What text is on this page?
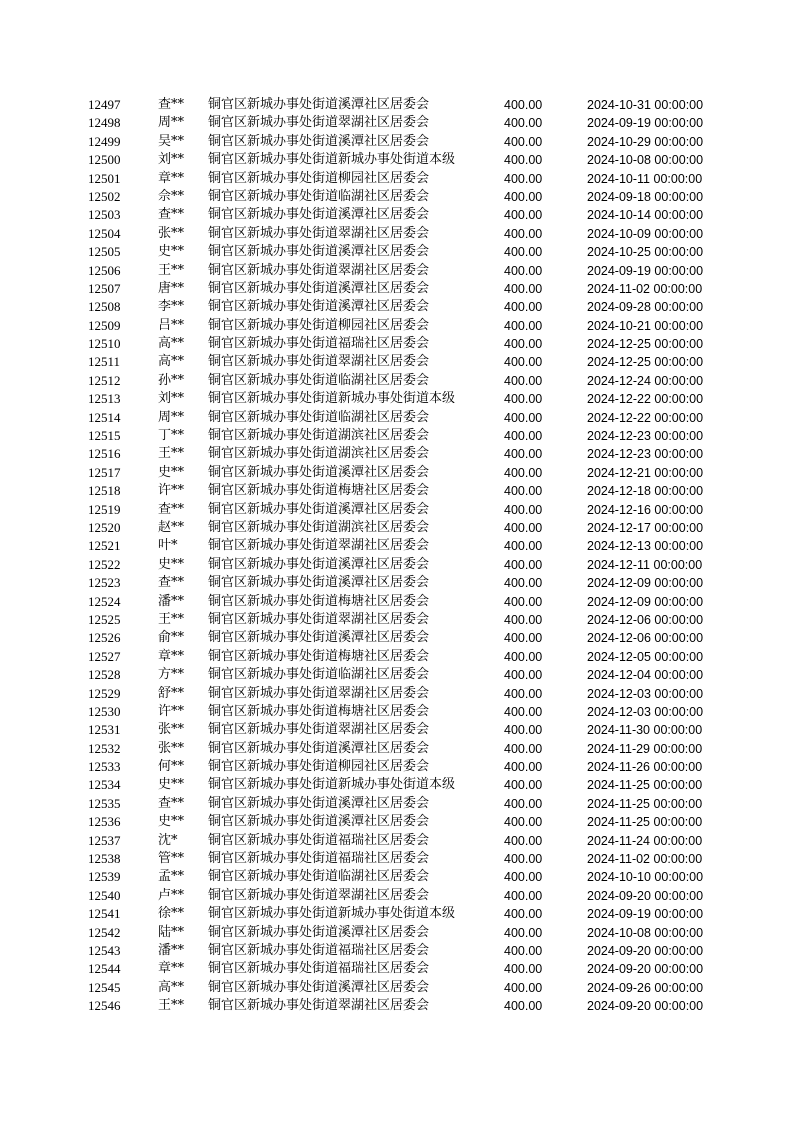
12497	查** 铜官区新城办事处街道溪潭社区居委会	400.00	2024-10-31 00:00:00
12498	周** 铜官区新城办事处街道翠湖社区居委会	400.00	2024-09-19 00:00:00
12499	吴** 铜官区新城办事处街道溪潭社区居委会	400.00	2024-10-29 00:00:00
12500	刘** 铜官区新城办事处街道新城办事处街道本级	400.00	2024-10-08 00:00:00
12501	章** 铜官区新城办事处街道柳园社区居委会	400.00	2024-10-11 00:00:00
12502	佘** 铜官区新城办事处街道临湖社区居委会	400.00	2024-09-18 00:00:00
12503	查** 铜官区新城办事处街道溪潭社区居委会	400.00	2024-10-14 00:00:00
12504	张** 铜官区新城办事处街道翠湖社区居委会	400.00	2024-10-09 00:00:00
12505	史** 铜官区新城办事处街道溪潭社区居委会	400.00	2024-10-25 00:00:00
12506	王** 铜官区新城办事处街道翠湖社区居委会	400.00	2024-09-19 00:00:00
12507	唐** 铜官区新城办事处街道溪潭社区居委会	400.00	2024-11-02 00:00:00
12508	李** 铜官区新城办事处街道溪潭社区居委会	400.00	2024-09-28 00:00:00
12509	吕** 铜官区新城办事处街道柳园社区居委会	400.00	2024-10-21 00:00:00
12510	高** 铜官区新城办事处街道福瑞社区居委会	400.00	2024-12-25 00:00:00
12511	高** 铜官区新城办事处街道翠湖社区居委会	400.00	2024-12-25 00:00:00
12512	孙** 铜官区新城办事处街道临湖社区居委会	400.00	2024-12-24 00:00:00
12513	刘** 铜官区新城办事处街道新城办事处街道本级	400.00	2024-12-22 00:00:00
12514	周** 铜官区新城办事处街道临湖社区居委会	400.00	2024-12-22 00:00:00
12515	丁** 铜官区新城办事处街道湖滨社区居委会	400.00	2024-12-23 00:00:00
12516	王** 铜官区新城办事处街道湖滨社区居委会	400.00	2024-12-23 00:00:00
12517	史** 铜官区新城办事处街道溪潭社区居委会	400.00	2024-12-21 00:00:00
12518	许** 铜官区新城办事处街道梅塘社区居委会	400.00	2024-12-18 00:00:00
12519	查** 铜官区新城办事处街道溪潭社区居委会	400.00	2024-12-16 00:00:00
12520	赵** 铜官区新城办事处街道湖滨社区居委会	400.00	2024-12-17 00:00:00
12521	叶* 铜官区新城办事处街道翠湖社区居委会	400.00	2024-12-13 00:00:00
12522	史** 铜官区新城办事处街道溪潭社区居委会	400.00	2024-12-11 00:00:00
12523	查** 铜官区新城办事处街道溪潭社区居委会	400.00	2024-12-09 00:00:00
12524	潘** 铜官区新城办事处街道梅塘社区居委会	400.00	2024-12-09 00:00:00
12525	王** 铜官区新城办事处街道翠湖社区居委会	400.00	2024-12-06 00:00:00
12526	俞** 铜官区新城办事处街道溪潭社区居委会	400.00	2024-12-06 00:00:00
12527	章** 铜官区新城办事处街道梅塘社区居委会	400.00	2024-12-05 00:00:00
12528	方** 铜官区新城办事处街道临湖社区居委会	400.00	2024-12-04 00:00:00
12529	舒** 铜官区新城办事处街道翠湖社区居委会	400.00	2024-12-03 00:00:00
12530	许** 铜官区新城办事处街道梅塘社区居委会	400.00	2024-12-03 00:00:00
12531	张** 铜官区新城办事处街道翠湖社区居委会	400.00	2024-11-30 00:00:00
12532	张** 铜官区新城办事处街道溪潭社区居委会	400.00	2024-11-29 00:00:00
12533	何** 铜官区新城办事处街道柳园社区居委会	400.00	2024-11-26 00:00:00
12534	史** 铜官区新城办事处街道新城办事处街道本级	400.00	2024-11-25 00:00:00
12535	查** 铜官区新城办事处街道溪潭社区居委会	400.00	2024-11-25 00:00:00
12536	史** 铜官区新城办事处街道溪潭社区居委会	400.00	2024-11-25 00:00:00
12537	沈* 铜官区新城办事处街道福瑞社区居委会	400.00	2024-11-24 00:00:00
12538	管** 铜官区新城办事处街道福瑞社区居委会	400.00	2024-11-02 00:00:00
12539	孟** 铜官区新城办事处街道临湖社区居委会	400.00	2024-10-10 00:00:00
12540	卢** 铜官区新城办事处街道翠湖社区居委会	400.00	2024-09-20 00:00:00
12541	徐** 铜官区新城办事处街道新城办事处街道本级	400.00	2024-09-19 00:00:00
12542	陆** 铜官区新城办事处街道溪潭社区居委会	400.00	2024-10-08 00:00:00
12543	潘** 铜官区新城办事处街道福瑞社区居委会	400.00	2024-09-20 00:00:00
12544	章** 铜官区新城办事处街道福瑞社区居委会	400.00	2024-09-20 00:00:00
12545	高** 铜官区新城办事处街道溪潭社区居委会	400.00	2024-09-26 00:00:00
12546	王** 铜官区新城办事处街道翠湖社区居委会	400.00	2024-09-20 00:00:00
